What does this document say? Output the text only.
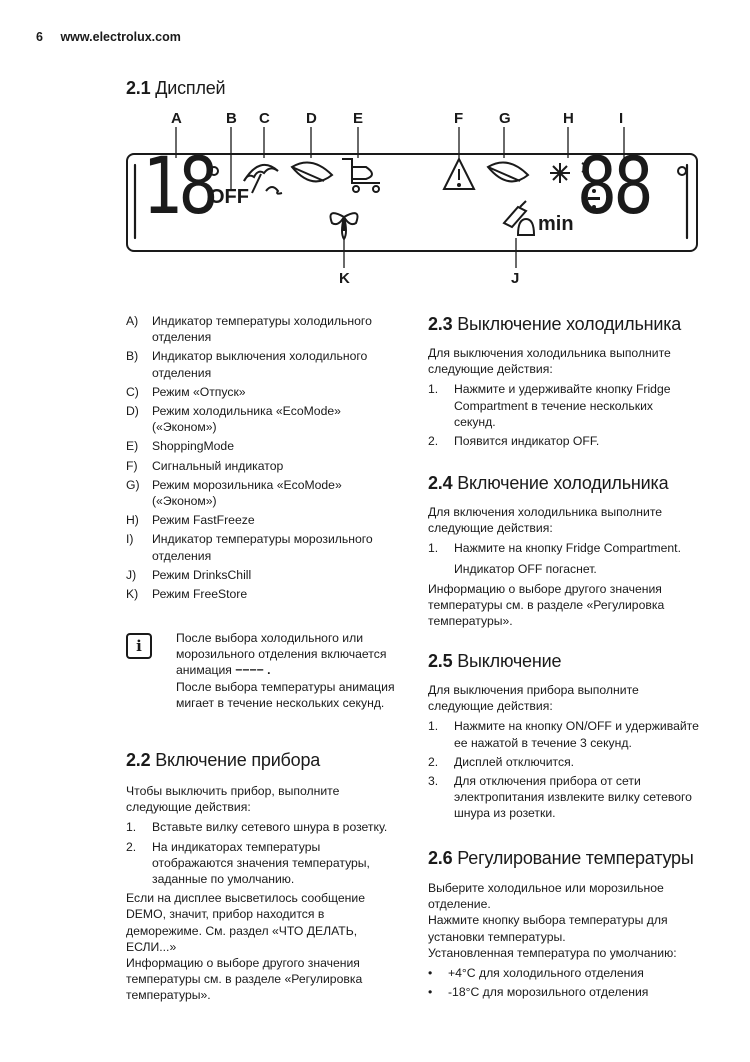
6 www.electrolux.com
2.1 Дисплей
A	B C D E	F G	H	I
K	J
18
OFF	88
min
A) Индикатор температуры холодильного отделения
B) Индикатор выключения холодильного отделения
C) Режим «Отпуск»
D) Режим холодильника «EcoMode» («Эконом»)
E) ShoppingMode
F) Сигнальный индикатор
G) Режим морозильника «EcoMode» («Эконом»)
H) Режим FastFreeze
I) Индикатор температуры морозильного отделения
J) Режим DrinksChill
K) Режим FreeStore
i	После выбора холодильного или морозильного отделения включается анимация −−−− .

После выбора температуры анимация мигает в течение нескольких секунд.

2.2 Включение прибора

Чтобы выключить прибор, выполните следующие действия:

1. Вставьте вилку сетевого шнура в розетку.
2. На индикаторах температуры отображаются значения температуры, заданные по умолчанию.

Если на дисплее высветилось сообщение DEMO, значит, прибор находится в деморежиме. См. раздел «ЧТО ДЕЛАТЬ, ЕСЛИ...»

Информацию о выборе другого значения температуры см. в разделе «Регулировка температуры».

2.3 Выключение холодильника

Для выключения холодильника выполните следующие действия:

1. Нажмите и удерживайте кнопку Fridge Compartment в течение нескольких секунд.
2. Появится индикатор OFF.
2.4 Включение холодильника

Для включения холодильника выполните следующие действия:

1. Нажмите на кнопку Fridge Compartment.

Индикатор OFF погаснет.

Информацию о выборе другого значения температуры см. в разделе «Регулировка температуры».

2.5 Выключение

Для выключения прибора выполните следующие действия:

1. Нажмите на кнопку ON/OFF и удерживайте ее нажатой в течение 3 секунд.
2. Дисплей отключится.
3. Для отключения прибора от сети электропитания извлеките вилку сетевого шнура из розетки.
2.6 Регулирование температуры

Выберите холодильное или морозильное отделение.

Нажмите кнопку выбора температуры для установки температуры.

Установленная температура по умолчанию:

• +4°C для холодильного отделения
• -18°C для морозильного отделения
